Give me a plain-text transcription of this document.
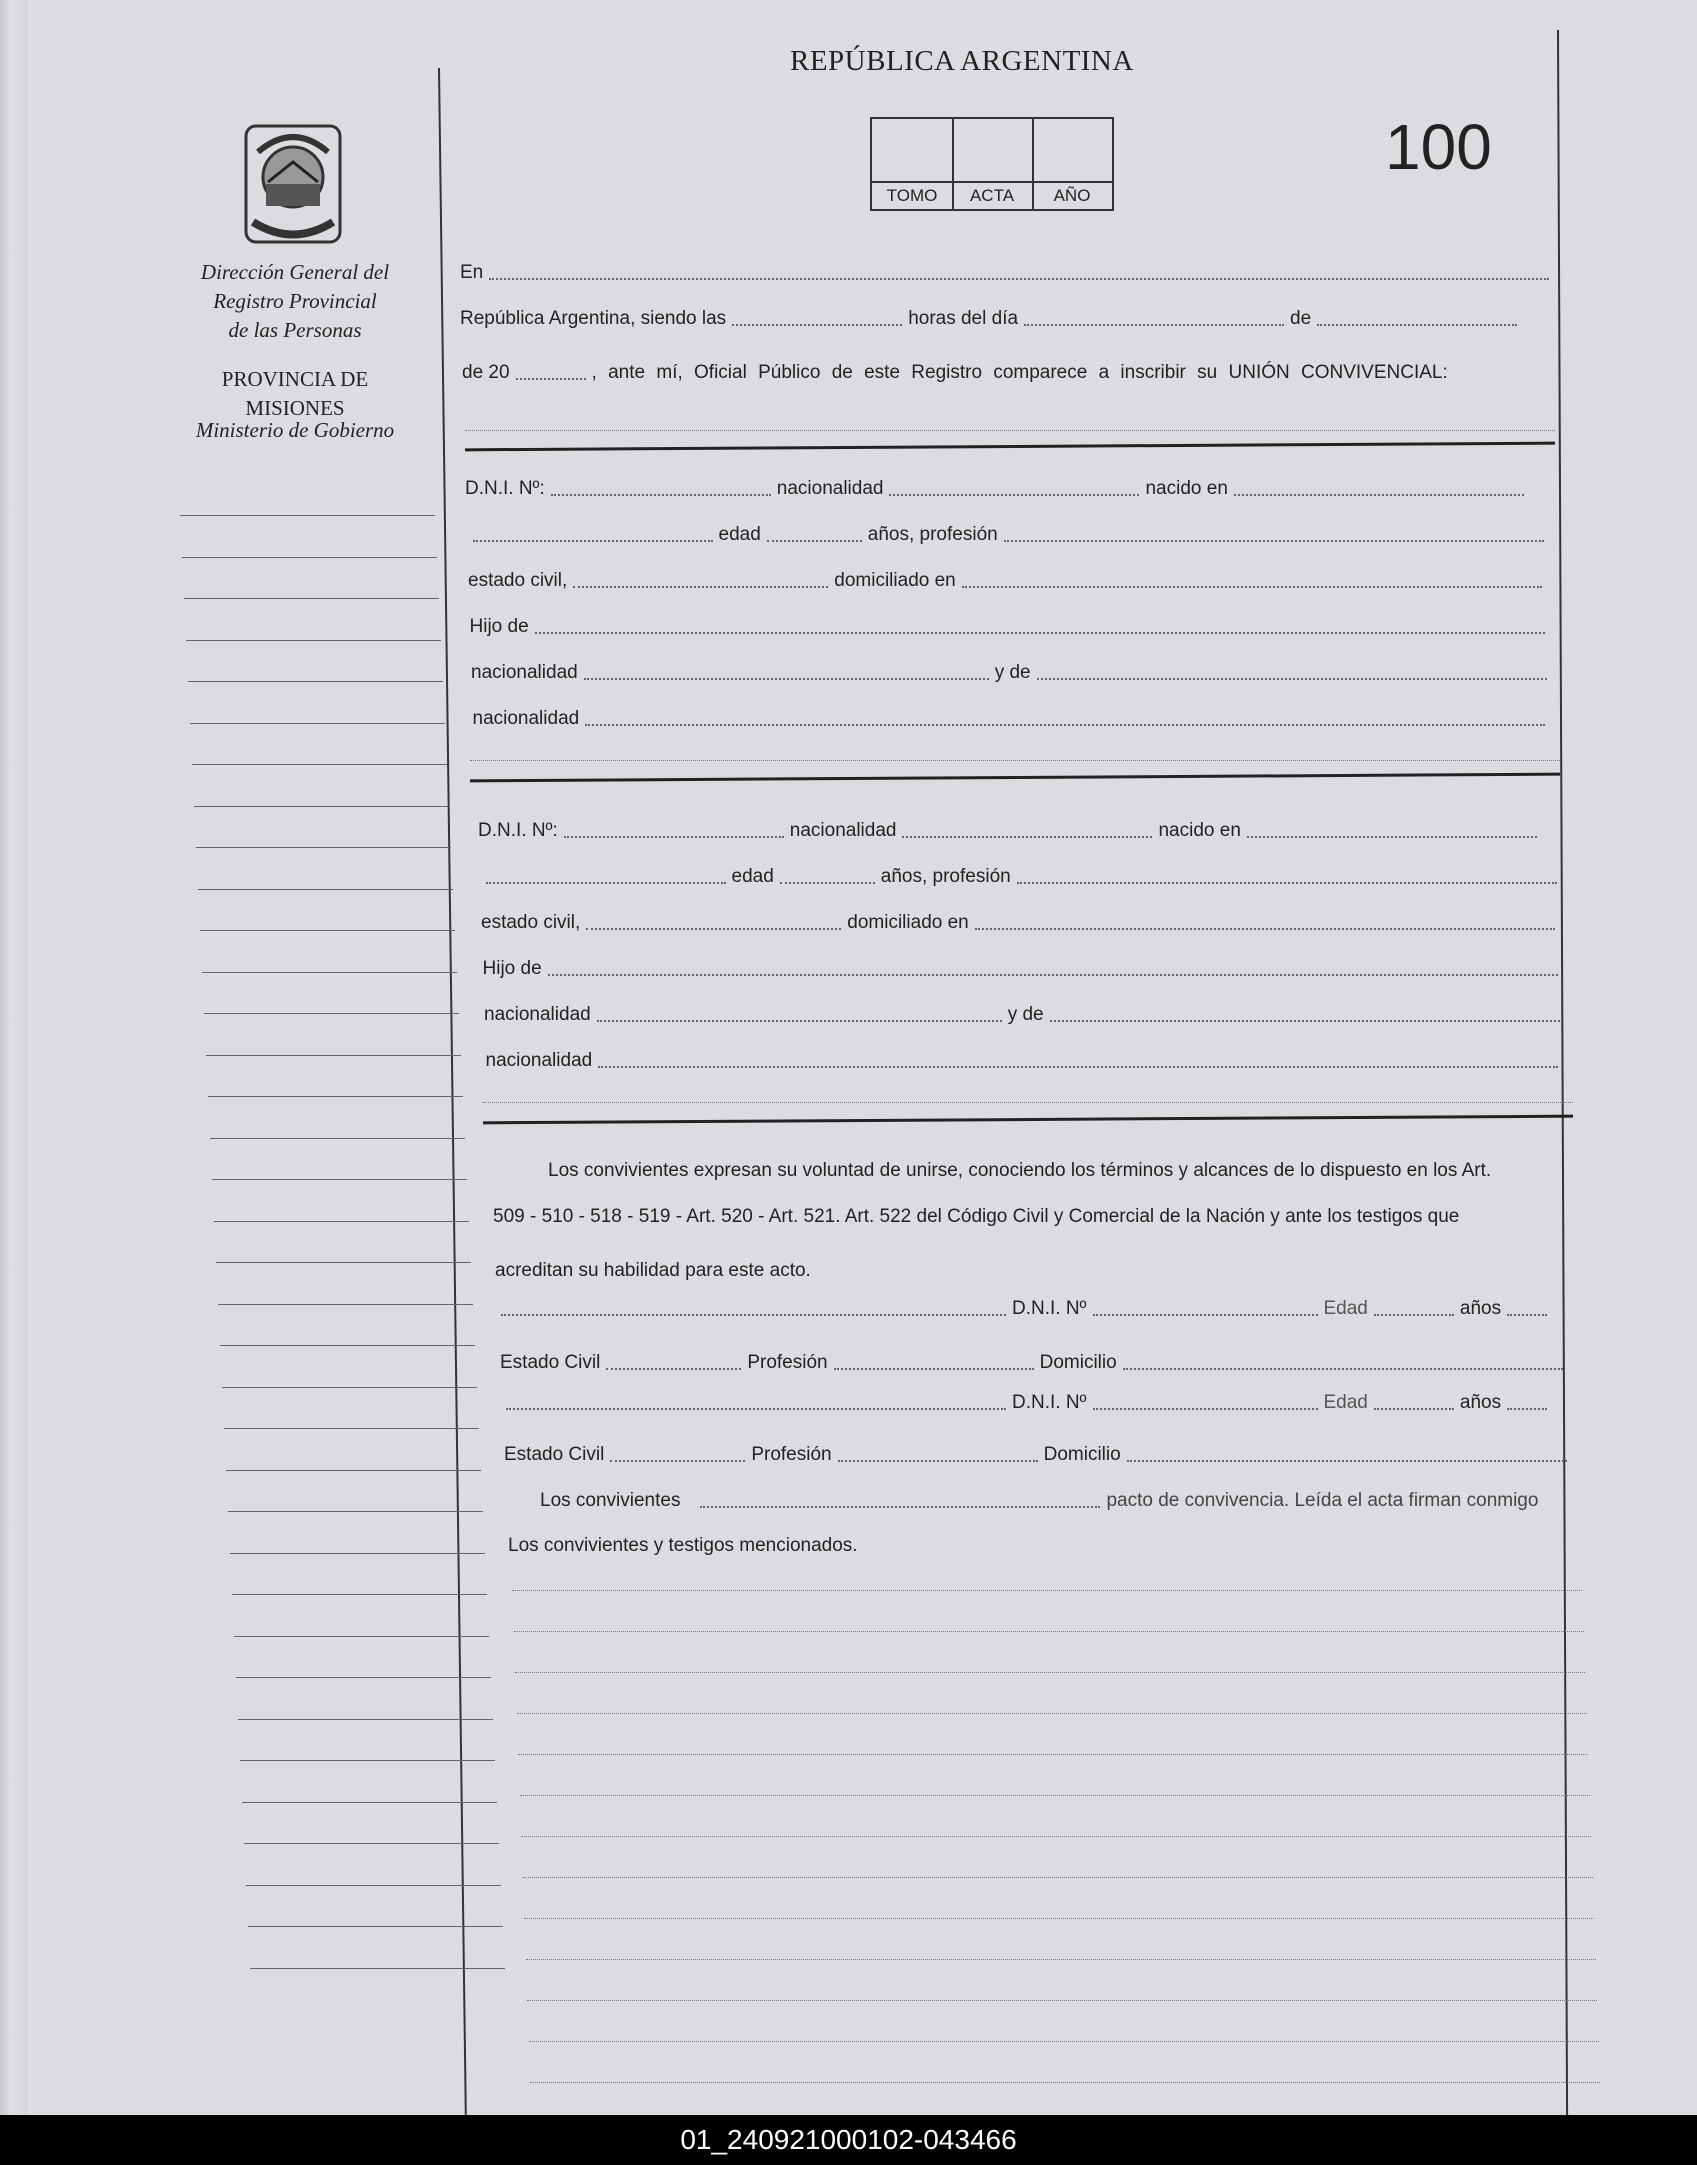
REPÚBLICA ARGENTINA
Dirección General del
Registro Provincial
de las Personas
PROVINCIA DE
MISIONES
Ministerio de Gobierno
TOMO	ACTA	AÑO
100
En
República Argentina, siendo las	horas del día	de
de 20	, ante mí, Oficial Público de este Registro comparece a inscribir su UNIÓN CONVIVENCIAL:
D.N.I. Nº:	nacionalidad	nacido en
edad	años, profesión
estado civil,	domiciliado en
Hijo de
nacionalidad	y de
nacionalidad
D.N.I. Nº:	nacionalidad	nacido en
edad	años, profesión
estado civil,	domiciliado en
Hijo de
nacionalidad	y de
nacionalidad
Los convivientes expresan su voluntad de unirse, conociendo los términos y alcances de lo dispuesto en los Art.
509 - 510 - 518 - 519 - Art. 520 - Art. 521. Art. 522 del Código Civil y Comercial de la Nación y ante los testigos que
acreditan su habilidad para este acto.
D.N.I. Nº	Edad	años
Estado Civil	Profesión	Domicilio
D.N.I. Nº	Edad	años
Estado Civil	Profesión	Domicilio
Los convivientes	pacto de convivencia. Leída el acta firman conmigo
Los convivientes y testigos mencionados.
01_240921000102-043466
